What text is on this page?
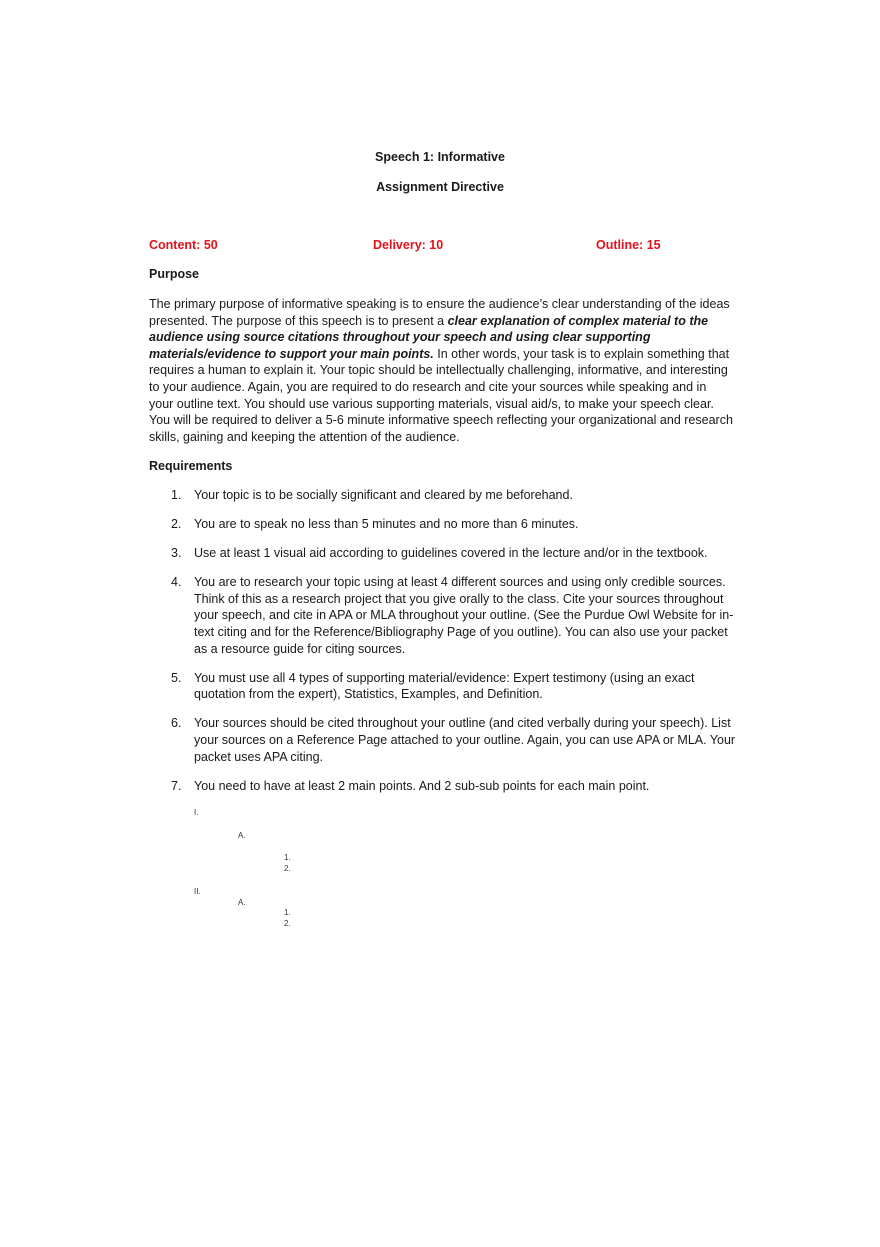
Speech 1: Informative
Assignment Directive
Content: 50	Delivery: 10	Outline: 15
Purpose
The primary purpose of informative speaking is to ensure the audience’s clear understanding of the ideas presented. The purpose of this speech is to present a clear explanation of complex material to the audience using source citations throughout your speech and using clear supporting materials/evidence to support your main points. In other words, your task is to explain something that requires a human to explain it. Your topic should be intellectually challenging, informative, and interesting to your audience. Again, you are required to do research and cite your sources while speaking and in your outline text. You should use various supporting materials, visual aid/s, to make your speech clear. You will be required to deliver a 5-6 minute informative speech reflecting your organizational and research skills, gaining and keeping the attention of the audience.
Requirements
1. Your topic is to be socially significant and cleared by me beforehand.
2. You are to speak no less than 5 minutes and no more than 6 minutes.
3. Use at least 1 visual aid according to guidelines covered in the lecture and/or in the textbook.
4. You are to research your topic using at least 4 different sources and using only credible sources. Think of this as a research project that you give orally to the class. Cite your sources throughout your speech, and cite in APA or MLA throughout your outline. (See the Purdue Owl Website for in-text citing and for the Reference/Bibliography Page of you outline). You can also use your packet as a resource guide for citing sources.
5. You must use all 4 types of supporting material/evidence: Expert testimony (using an exact quotation from the expert), Statistics, Examples, and Definition.
6. Your sources should be cited throughout your outline (and cited verbally during your speech). List your sources on a Reference Page attached to your outline. Again, you can use APA or MLA. Your packet uses APA citing.
7. You need to have at least 2 main points. And 2 sub-sub points for each main point.
I.
A.
1.
2.
II.
A.
1.
2.
